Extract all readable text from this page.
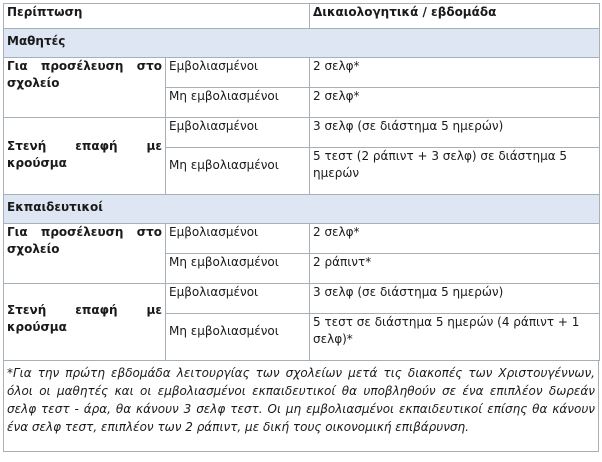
Περίπτωση		Δικαιολογητικά / εβδομάδα
Μαθητές		

Για προσέλευση στο
σχολείο	Εμβολιασμένοι	2 σελφ*
	Μη εμβολιασμένοι	2 σελφ*

Στενή επαφή με
κρούσμα	Εμβολιασμένοι	3 σελφ (σε διάστημα 5 ημερών)
	Μη εμβολιασμένοι	5 τεστ (2 ράπιντ + 3 σελφ) σε διάστημα 5 ημερών
Εκπαιδευτικοί		

Για προσέλευση στο
σχολείο	Εμβολιασμένοι	2 σελφ*
	Μη εμβολιασμένοι	2 ράπιντ*

Στενή επαφή με
κρούσμα	Εμβολιασμένοι	3 σελφ (σε διάστημα 5 ημερών)
	Μη εμβολιασμένοι	5 τεστ σε διάστημα 5 ημερών (4 ράπιντ + 1 σελφ)*
*Για την πρώτη εβδομάδα λειτουργίας των σχολείων μετά τις διακοπές των Χριστουγέννων, όλοι οι μαθητές και οι εμβολιασμένοι εκπαιδευτικοί θα υποβληθούν σε ένα επιπλέον δωρεάν σελφ τεστ - άρα, θα κάνουν 3 σελφ τεστ. Οι μη εμβολιασμένοι εκπαιδευτικοί επίσης θα κάνουν ένα σελφ τεστ, επιπλέον των 2 ράπιντ, με δική τους οικονομική επιβάρυνση.
